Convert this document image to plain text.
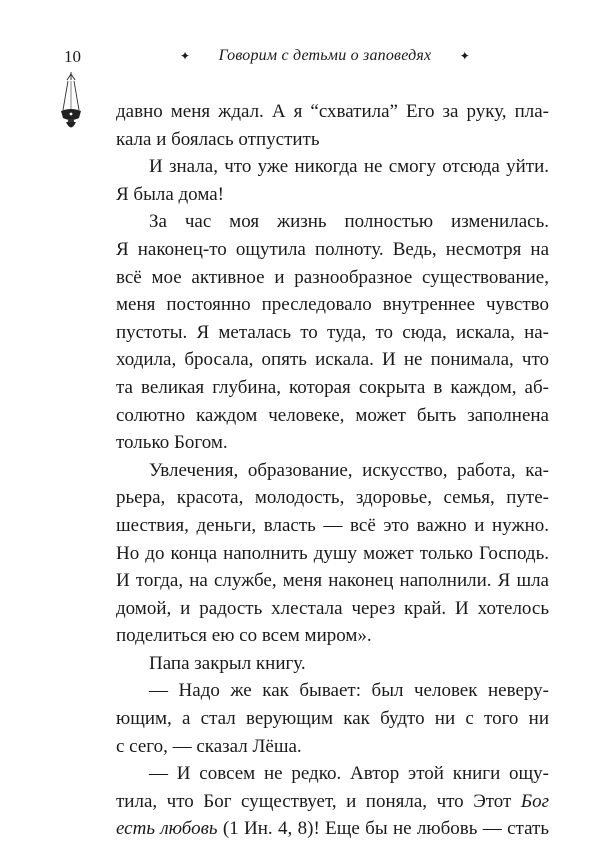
10	✦ Говорим с детьми о заповедях ✦
давно меня ждал. А я “схватила” Его за руку, пла-
кала и боялась отпустить
И знала, что уже никогда не смогу отсюда уйти.
Я была дома!
За час моя жизнь полностью изменилась.
Я наконец-то ощутила полноту. Ведь, несмотря на
всё мое активное и разнообразное существование,
меня постоянно преследовало внутреннее чувство
пустоты. Я металась то туда, то сюда, искала, на-
ходила, бросала, опять искала. И не понимала, что
та великая глубина, которая сокрыта в каждом, аб-
солютно каждом человеке, может быть заполнена
только Богом.
Увлечения, образование, искусство, работа, ка-
рьера, красота, молодость, здоровье, семья, путе-
шествия, деньги, власть — всё это важно и нужно.
Но до конца наполнить душу может только Господь.
И тогда, на службе, меня наконец наполнили. Я шла
домой, и радость хлестала через край. И хотелось
поделиться ею со всем миром».
Папа закрыл книгу.
— Надо же как бывает: был человек неверу-
ющим, а стал верующим как будто ни с того ни
с сего, — сказал Лёша.
— И совсем не редко. Автор этой книги ощу-
тила, что Бог существует, и поняла, что Этот Бог
есть любовь (1 Ин. 4, 8)! Еще бы не любовь — стать
